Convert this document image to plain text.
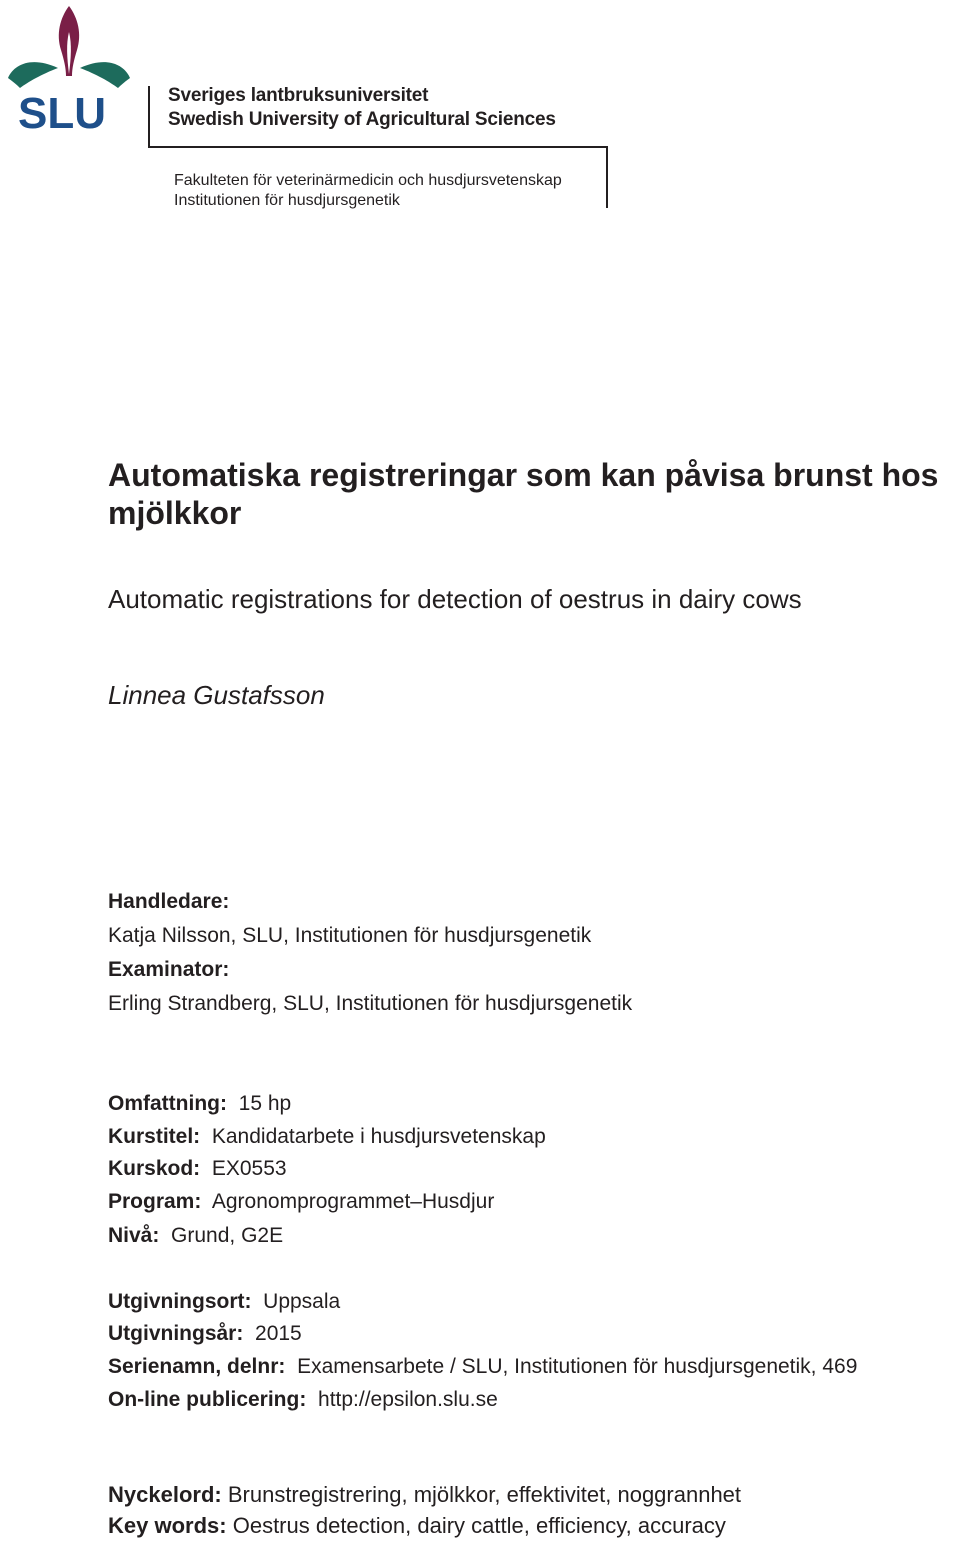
SLU	Sveriges lantbruksuniversitet
Swedish University of Agricultural Sciences
Fakulteten för veterinärmedicin och husdjursvetenskap
Institutionen för husdjursgenetik
Automatiska registreringar som kan påvisa brunst hos mjölkkor
Automatic registrations for detection of oestrus in dairy cows
Linnea Gustafsson
Handledare:
Katja Nilsson, SLU, Institutionen för husdjursgenetik
Examinator:
Erling Strandberg, SLU, Institutionen för husdjursgenetik
Omfattning: 15 hp
Kurstitel: Kandidatarbete i husdjursvetenskap
Kurskod: EX0553
Program: Agronomprogrammet–Husdjur
Nivå: Grund, G2E
Utgivningsort: Uppsala
Utgivningsår: 2015
Serienamn, delnr: Examensarbete / SLU, Institutionen för husdjursgenetik, 469
On-line publicering: http://epsilon.slu.se
Nyckelord: Brunstregistrering, mjölkkor, effektivitet, noggrannhet
Key words: Oestrus detection, dairy cattle, efficiency, accuracy
